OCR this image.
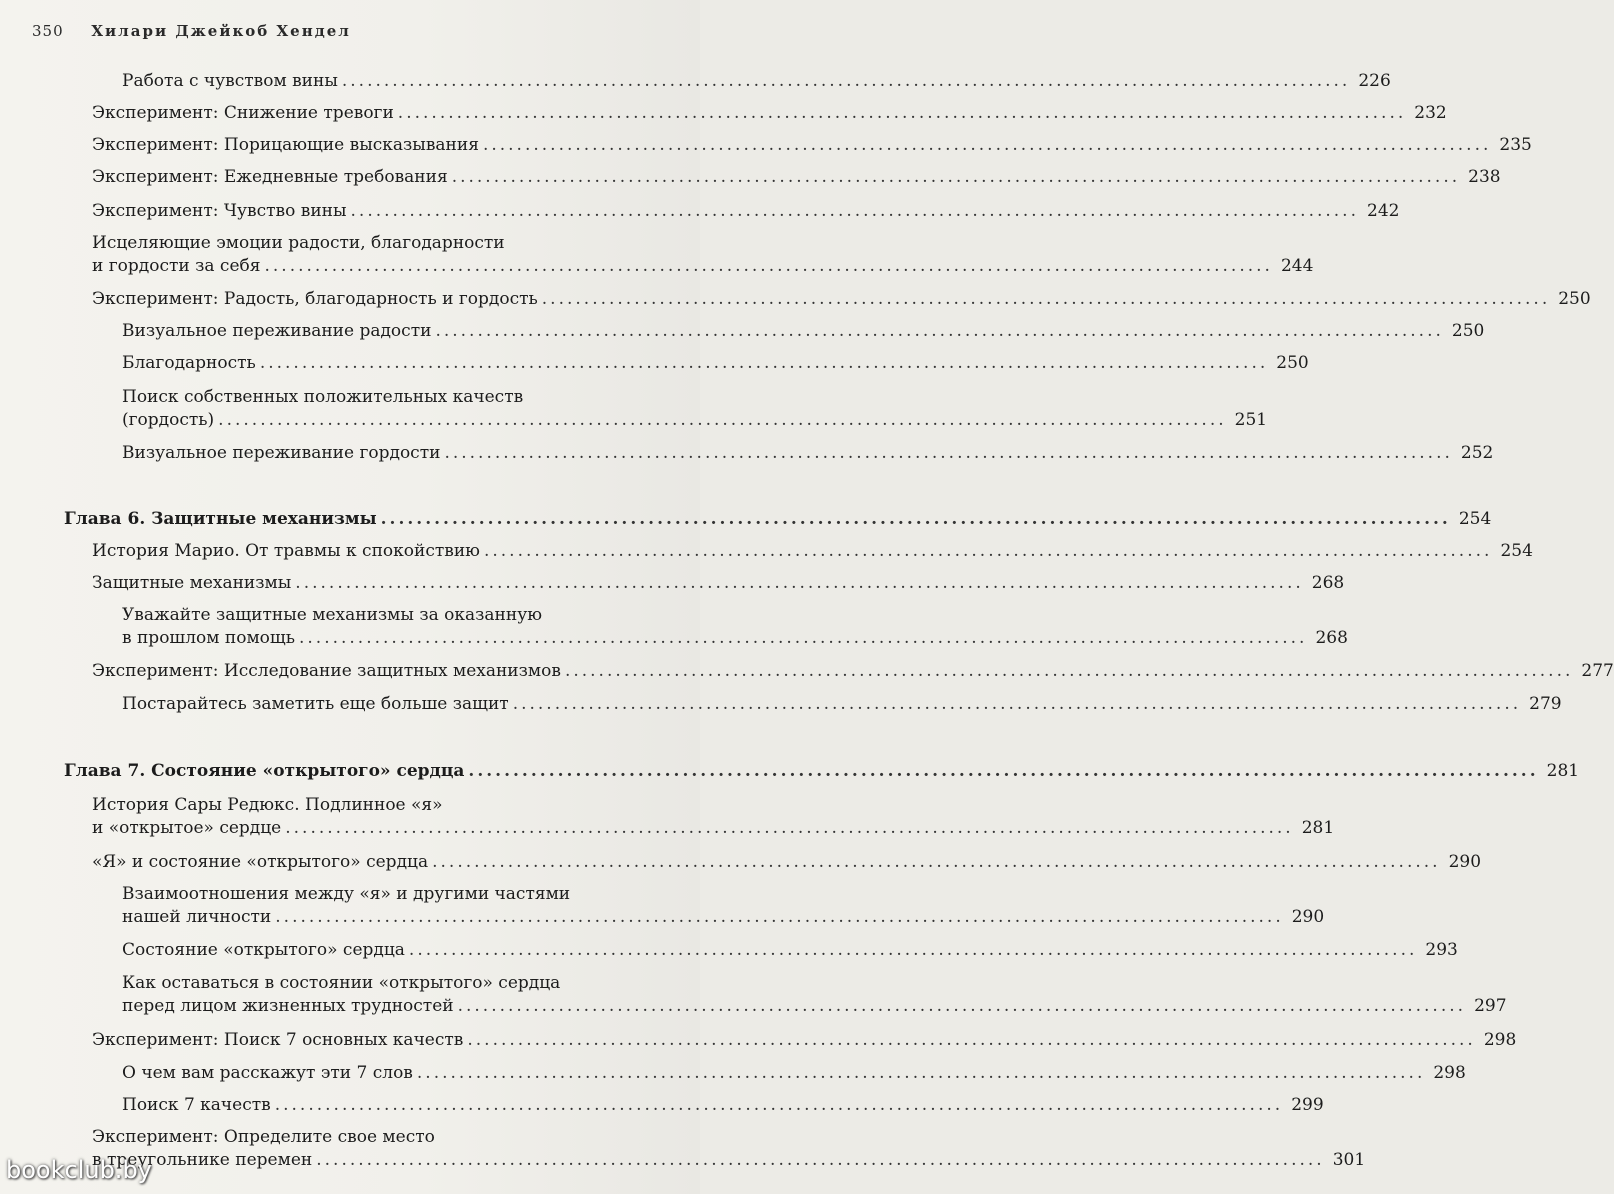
350 Хилари Джейкоб Хендел
Работа с чувством вины ........................................................................................................................ 226
Эксперимент: Снижение тревоги ........................................................................................................................ 232
Эксперимент: Порицающие высказывания ........................................................................................................................ 235
Эксперимент: Ежедневные требования ........................................................................................................................ 238
Эксперимент: Чувство вины ........................................................................................................................ 242
Исцеляющие эмоции радости, благодарности
и гордости за себя ........................................................................................................................ 244
Эксперимент: Радость, благодарность и гордость ........................................................................................................................ 250
Визуальное переживание радости ........................................................................................................................ 250
Благодарность ........................................................................................................................ 250
Поиск собственных положительных качеств
(гордость) ........................................................................................................................ 251
Визуальное переживание гордости ........................................................................................................................ 252
Глава 6. Защитные механизмы ........................................................................................................................ 254
История Марио. От травмы к спокойствию ........................................................................................................................ 254
Защитные механизмы ........................................................................................................................ 268
Уважайте защитные механизмы за оказанную
в прошлом помощь ........................................................................................................................ 268
Эксперимент: Исследование защитных механизмов ........................................................................................................................ 277
Постарайтесь заметить еще больше защит ........................................................................................................................ 279
Глава 7. Состояние «открытого» сердца ........................................................................................................................ 281
История Сары Редюкс. Подлинное «я»
и «открытое» сердце ........................................................................................................................ 281
«Я» и состояние «открытого» сердца ........................................................................................................................ 290
Взаимоотношения между «я» и другими частями
нашей личности ........................................................................................................................ 290
Состояние «открытого» сердца ........................................................................................................................ 293
Как оставаться в состоянии «открытого» сердца
перед лицом жизненных трудностей ........................................................................................................................ 297
Эксперимент: Поиск 7 основных качеств ........................................................................................................................ 298
О чем вам расскажут эти 7 слов ........................................................................................................................ 298
Поиск 7 качеств ........................................................................................................................ 299
Эксперимент: Определите свое место
в треугольнике перемен ........................................................................................................................ 301
bookclub.by
